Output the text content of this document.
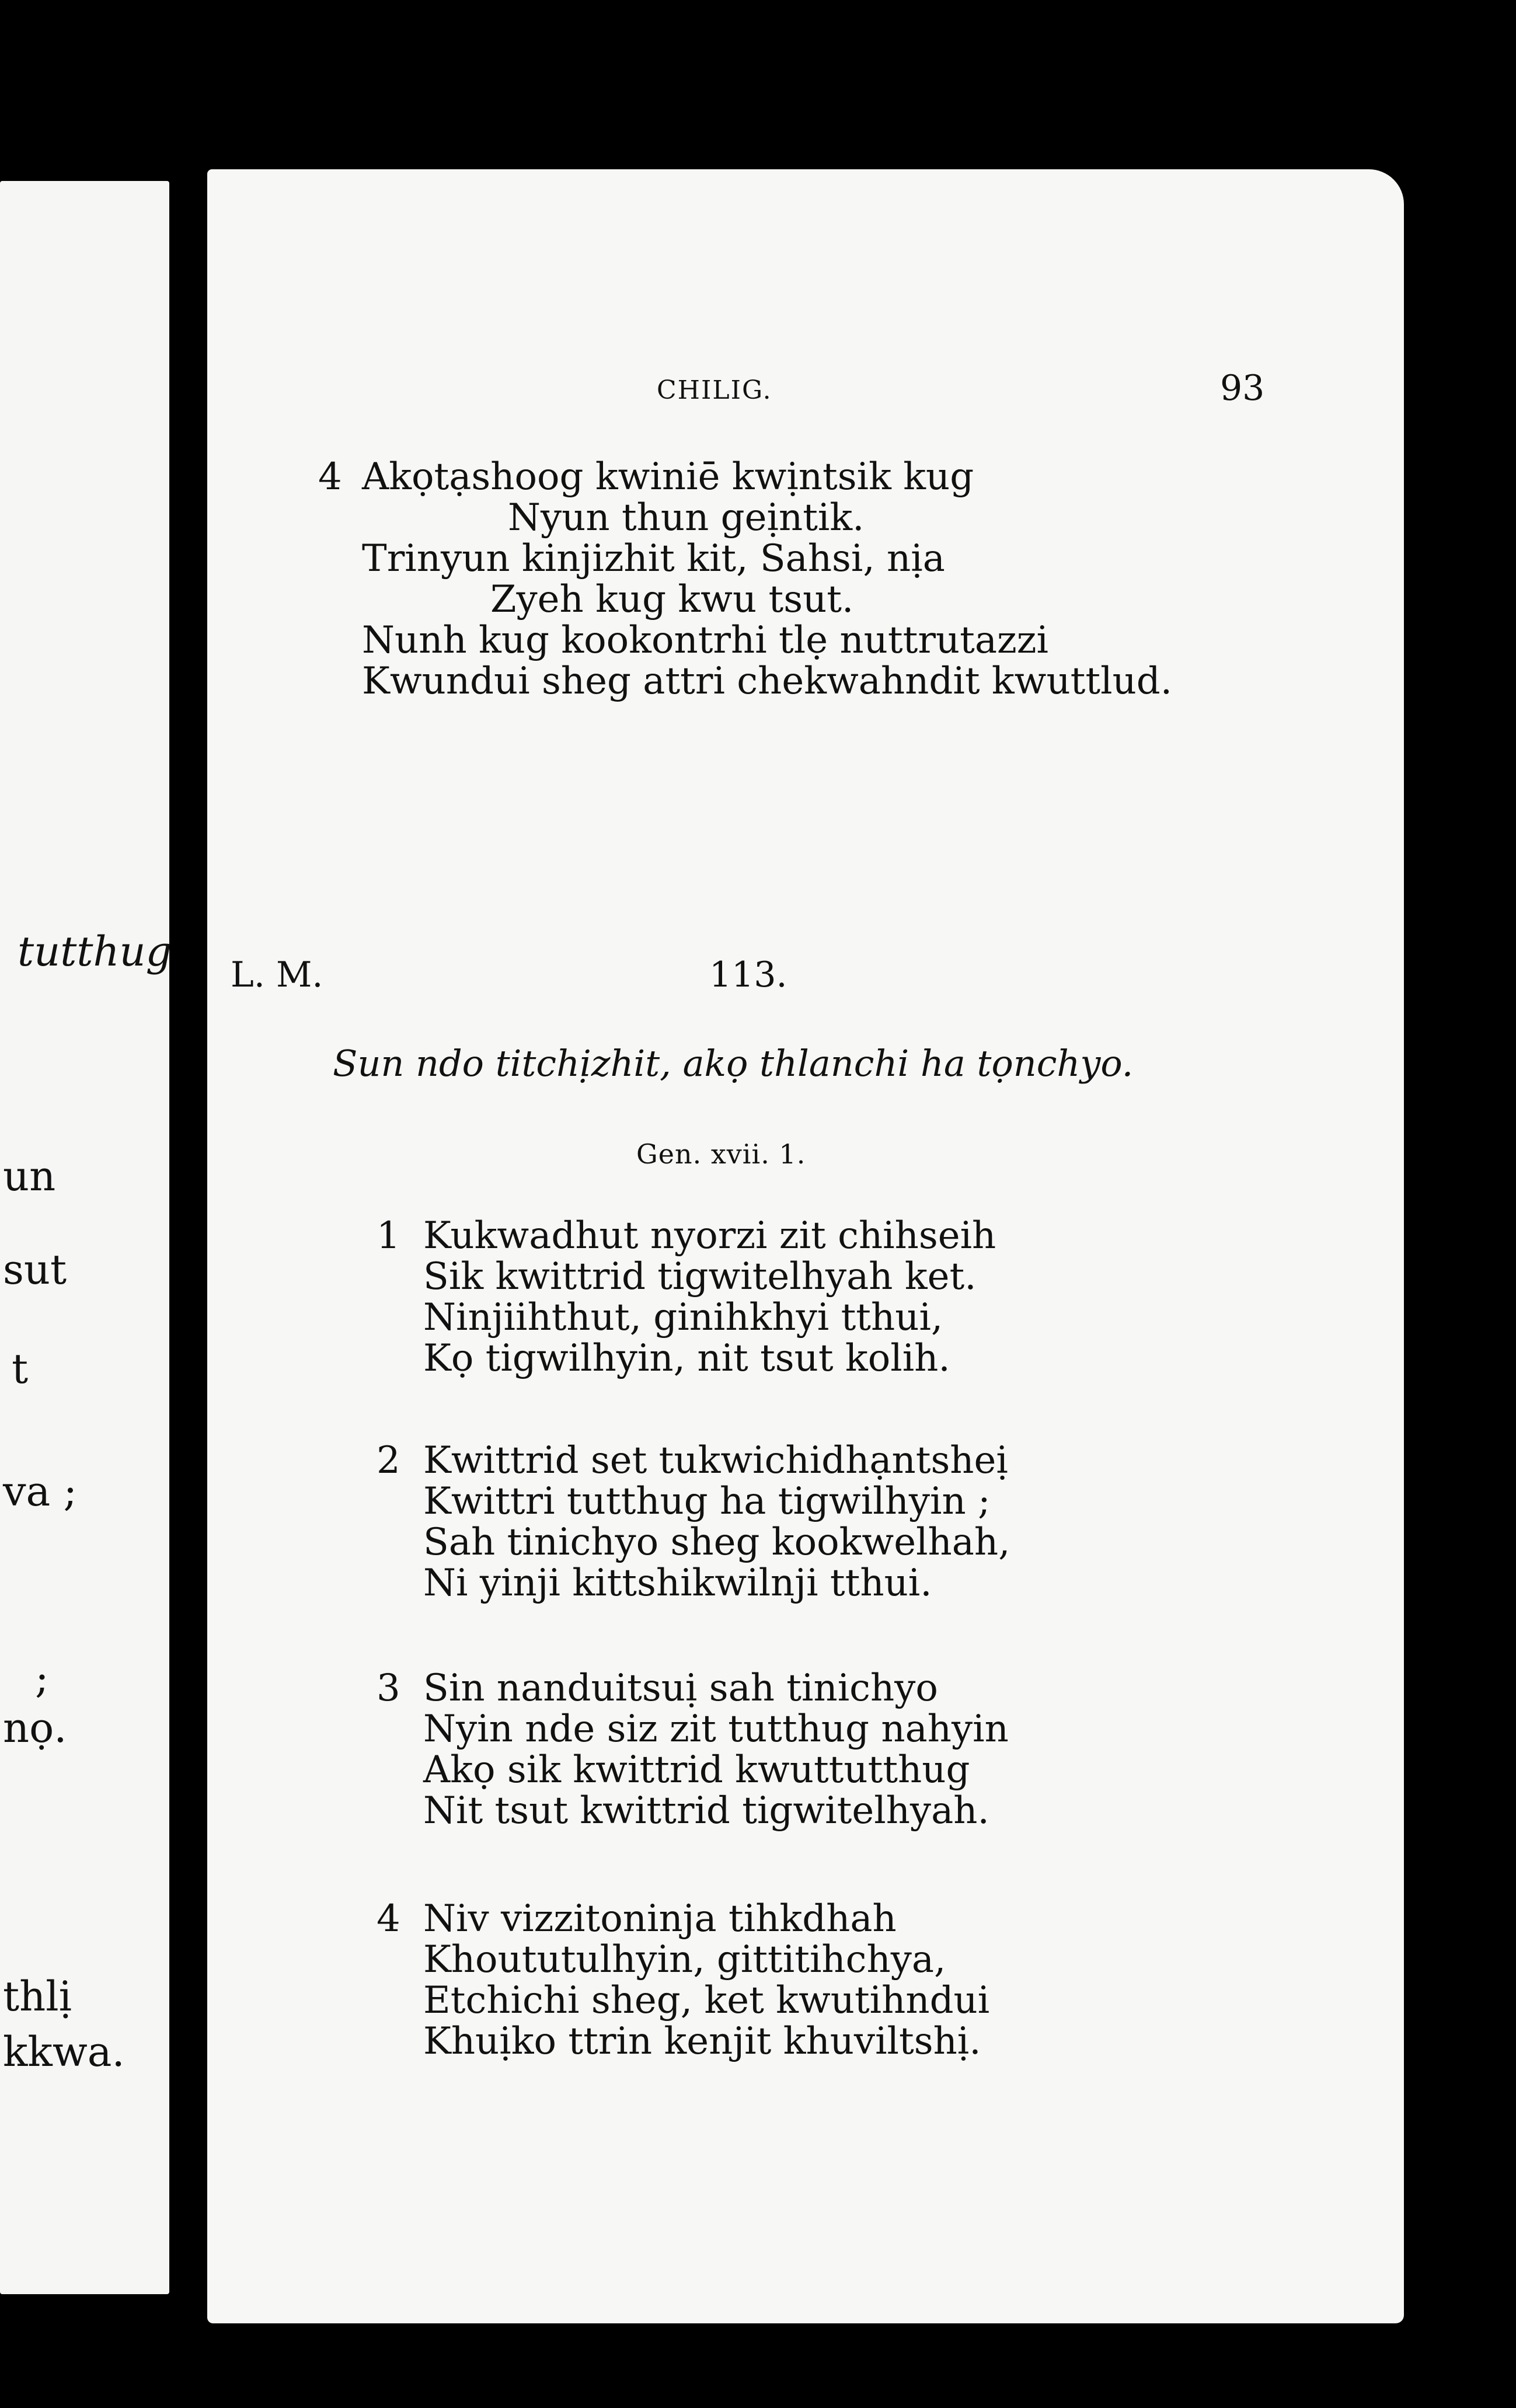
tutthug
un
sut
t
va ;
;
nọ.
thlị
kkwa.
CHILIG.	93
4 Akọtạshoog kwiniē kwịntsik kug
Nyun thun geịntik.
Trinyun kinjizhit kit, Sahsi, nịa
Zyeh kug kwu tsut.
Nunh kug kookontrhi tlẹ nuttrutazzi
Kwundui sheg attri chekwahndit kwuttlud.
L. M.	113.
Sun ndo titchịzhit, akọ thlanchi ha tọnchyo.
Gen. xvii. 1.
1 Kukwadhut nyorzi zit chihseih
Sik kwittrid tigwitelhyah ket.
Ninjiihthut, ginihkhyi tthui,
Kọ tigwilhyin, nit tsut kolih.
2 Kwittrid set tukwichidhạntsheị
Kwittri tutthug ha tigwilhyin ;
Sah tinichyo sheg kookwelhah,
Ni yinji kittshikwilnji tthui.
3 Sin nanduitsuị sah tinichyo
Nyin nde siz zit tutthug nahyin
Akọ sik kwittrid kwuttutthug
Nit tsut kwittrid tigwitelhyah.
4 Niv vizzitoninja tihkdhah
Khoututulhyin, gittitihchya,
Etchichi sheg, ket kwutihndui
Khuịko ttrin kenjit khuviltshị.
